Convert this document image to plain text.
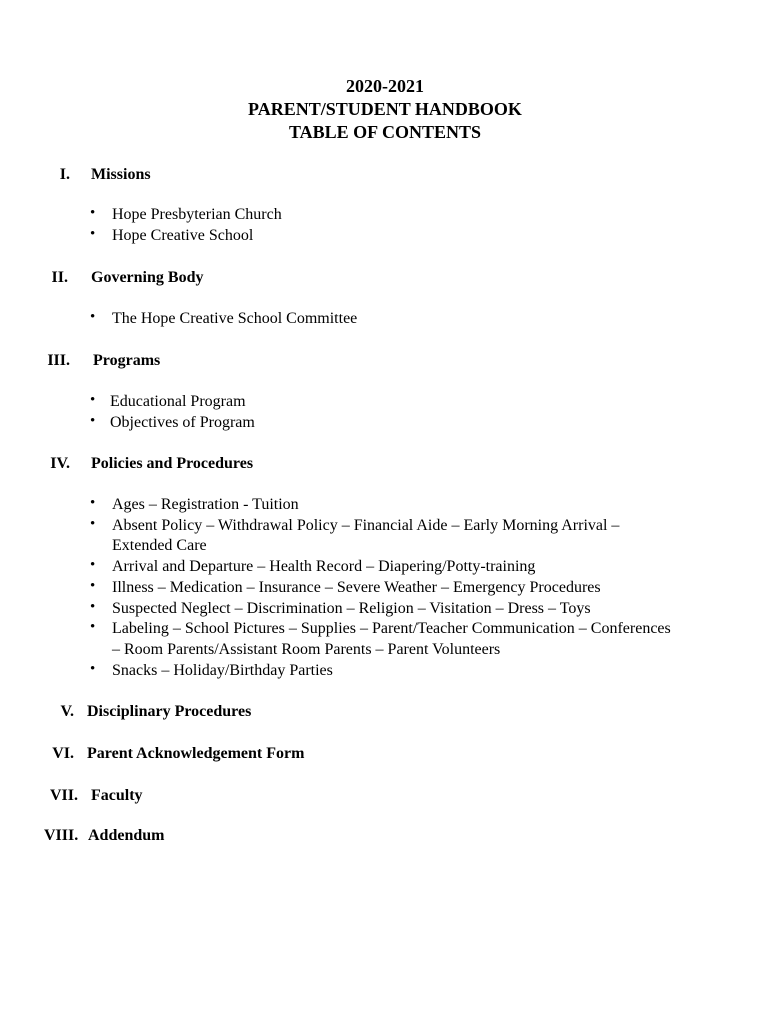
2020-2021
PARENT/STUDENT HANDBOOK
TABLE OF CONTENTS
I. Missions
• Hope Presbyterian Church
• Hope Creative School
II. Governing Body
• The Hope Creative School Committee
III. Programs
• Educational Program
• Objectives of Program
IV. Policies and Procedures
• Ages – Registration - Tuition
• Absent Policy – Withdrawal Policy – Financial Aide – Early Morning Arrival – Extended Care
• Arrival and Departure – Health Record – Diapering/Potty-training
• Illness – Medication – Insurance – Severe Weather – Emergency Procedures
• Suspected Neglect – Discrimination – Religion – Visitation – Dress – Toys
• Labeling – School Pictures – Supplies – Parent/Teacher Communication – Conferences – Room Parents/Assistant Room Parents – Parent Volunteers
• Snacks – Holiday/Birthday Parties
V. Disciplinary Procedures
VI. Parent Acknowledgement Form
VII. Faculty
VIII. Addendum
